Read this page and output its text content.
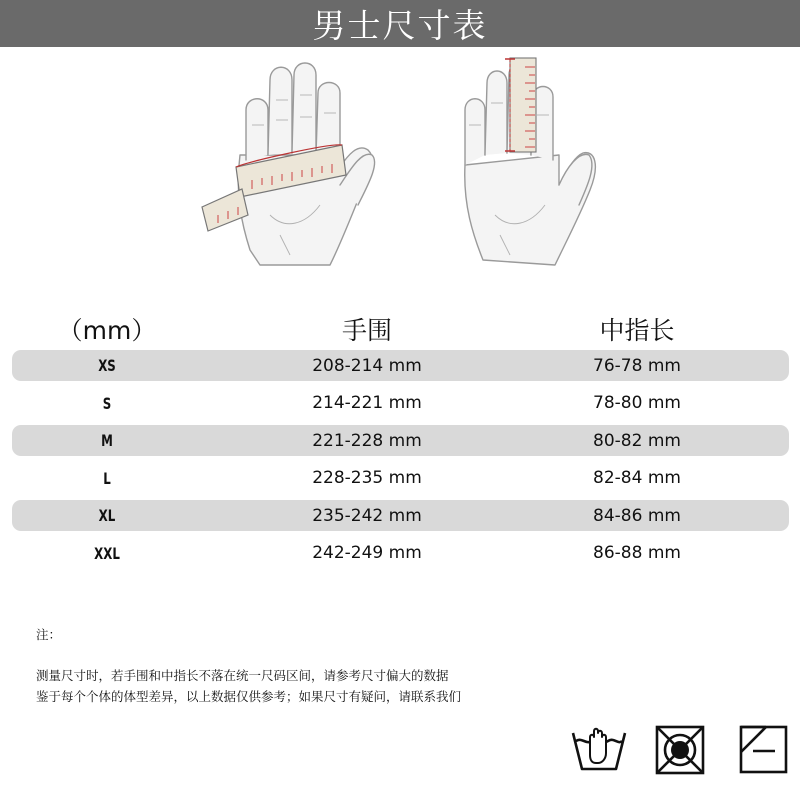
男士尺寸表
（mm）	手围	中指长
XS	208-214 mm	76-78 mm
S	214-221 mm	78-80 mm
M	221-228 mm	80-82 mm
L	228-235 mm	82-84 mm
XL	235-242 mm	84-86 mm
XXL	242-249 mm	86-88 mm
注：
测量尺寸时，若手围和中指长不落在统一尺码区间，请参考尺寸偏大的数据
鉴于每个个体的体型差异，以上数据仅供参考；如果尺寸有疑问，请联系我们
